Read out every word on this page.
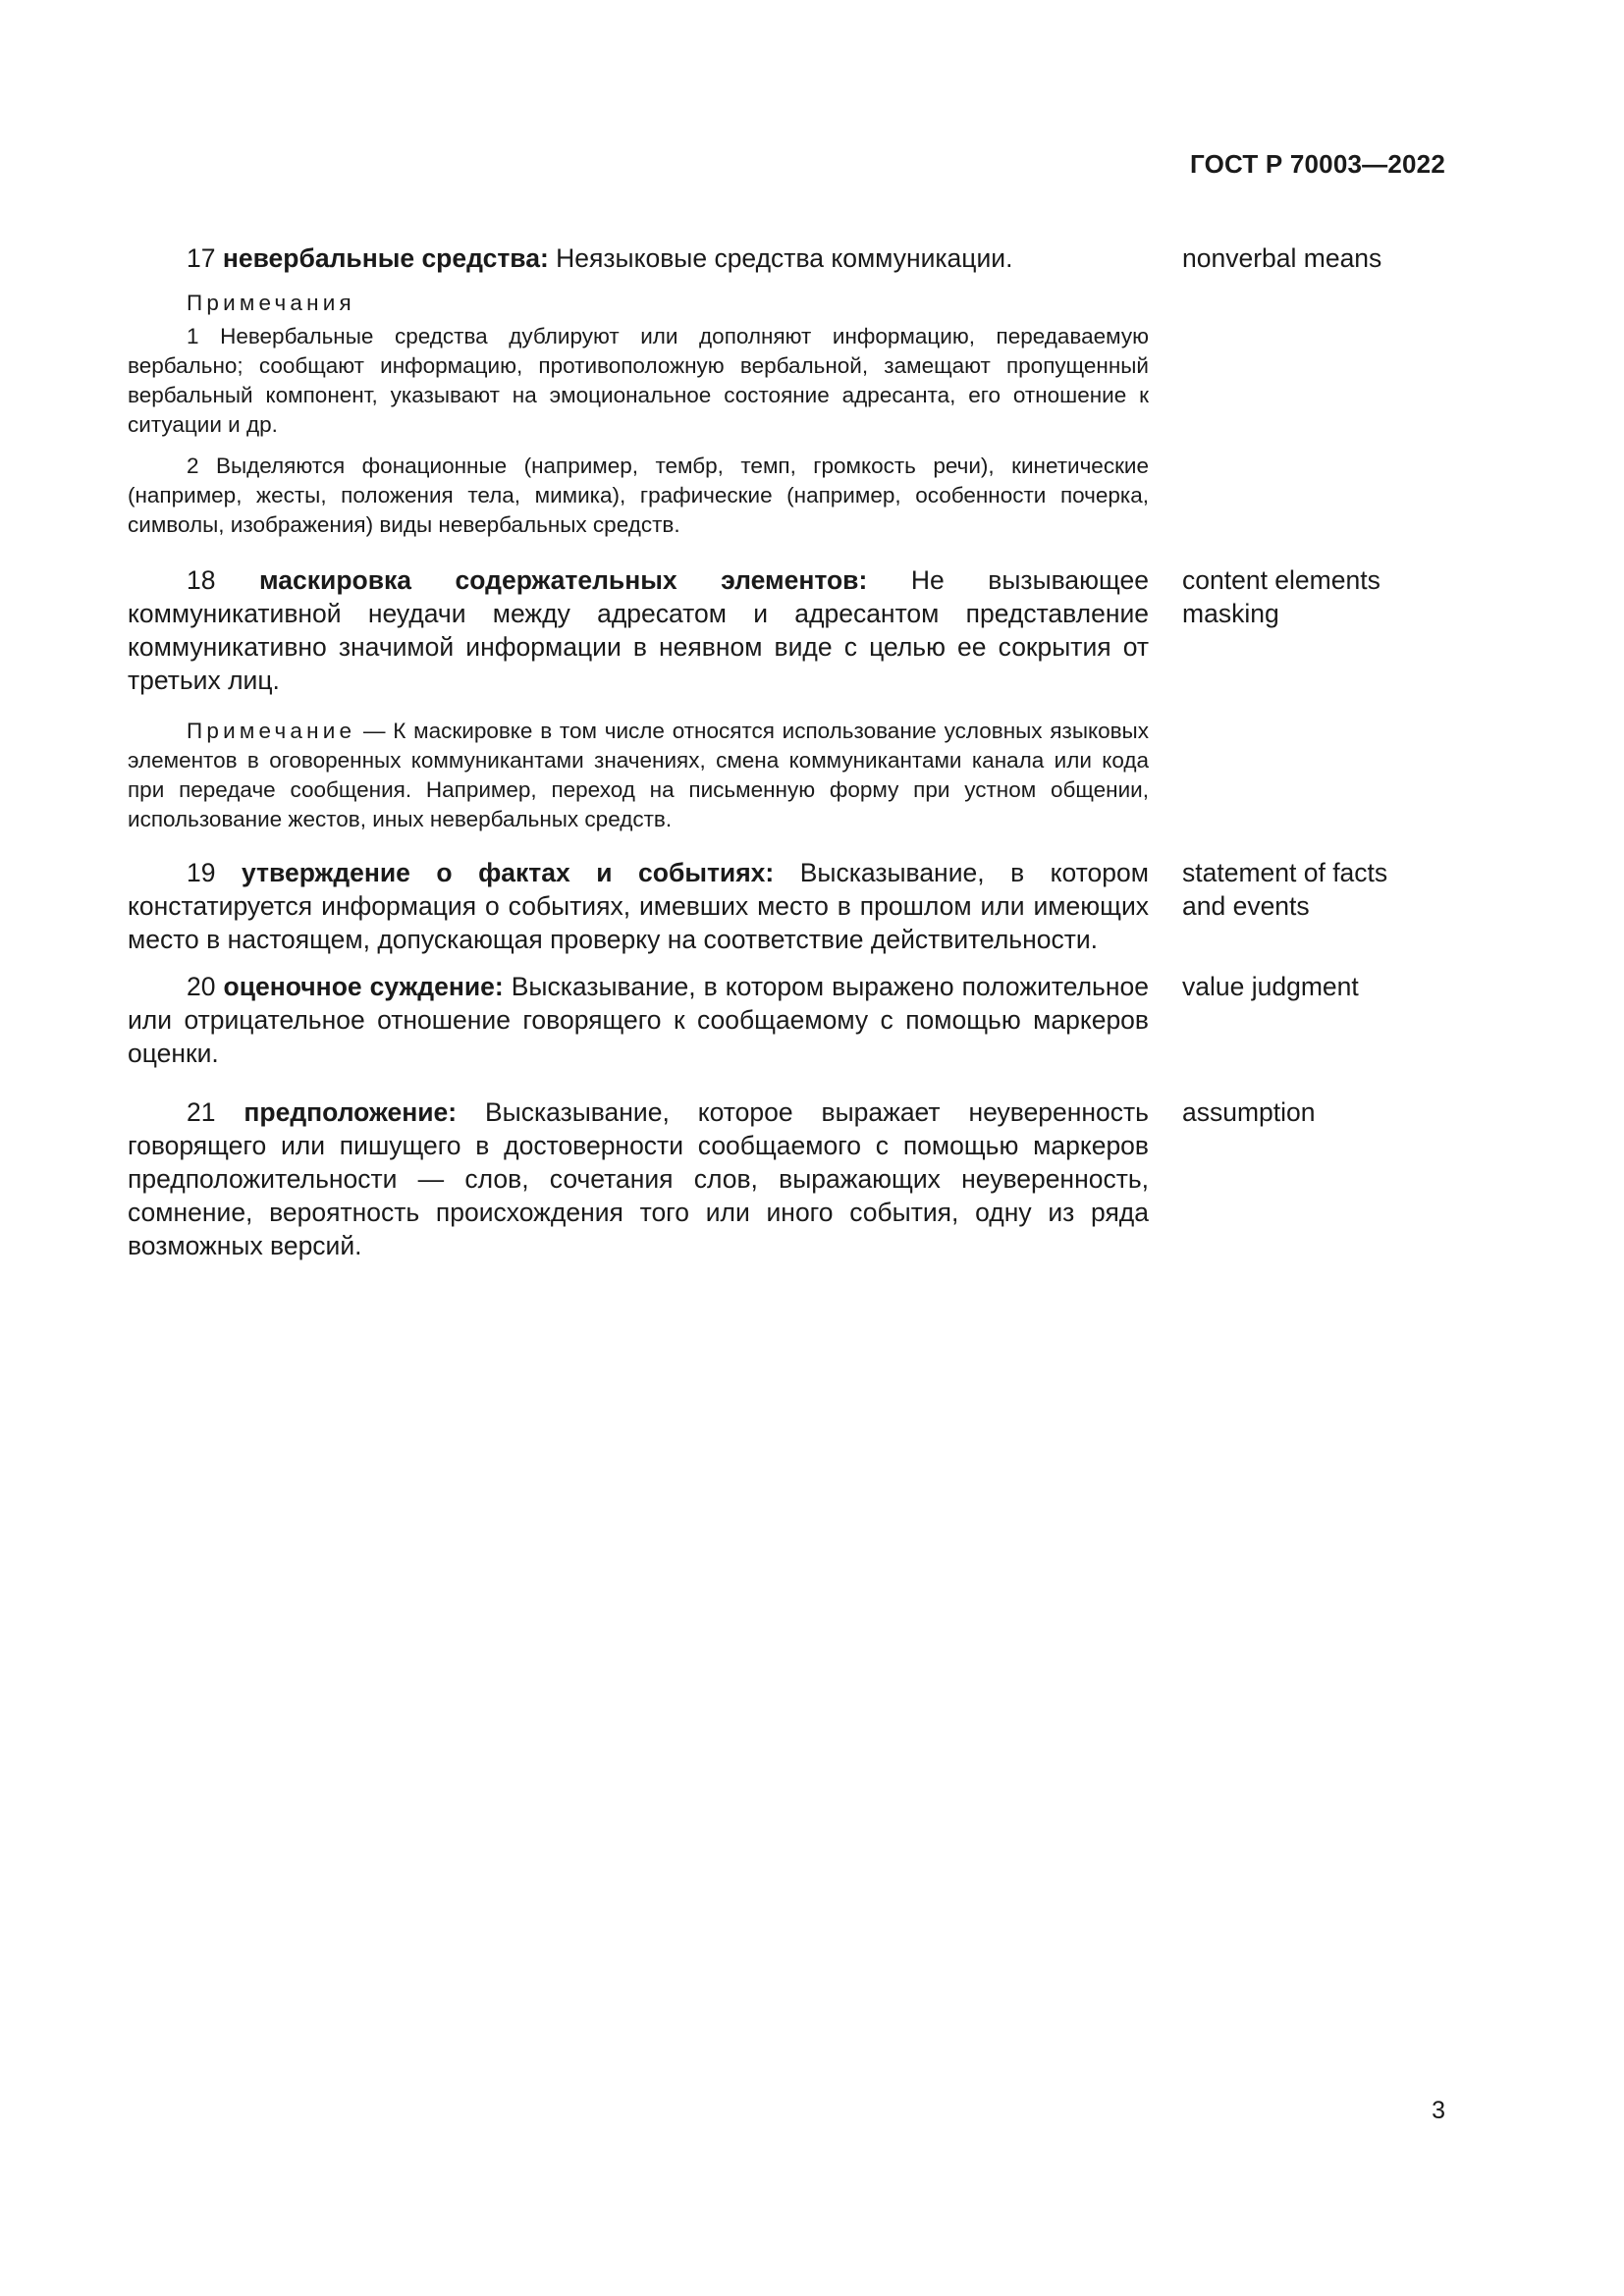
ГОСТ Р 70003—2022

17 невербальные средства: Неязыковые средства коммуникации.

Примечания

1 Невербальные средства дублируют или дополняют информацию, передаваемую вербально; сообщают информацию, противоположную вербальной, замещают пропущенный вербальный компонент, указывают на эмоциональное состояние адресанта, его отношение к ситуации и др.

2 Выделяются фонационные (например, тембр, темп, громкость речи), кинетические (например, жесты, положения тела, мимика), графические (например, особенности почерка, символы, изображения) виды невербальных средств.

nonverbal means

18 маскировка содержательных элементов: Не вызывающее коммуникативной неудачи между адресатом и адресантом представление коммуникативно значимой информации в неявном виде с целью ее сокрытия от третьих лиц.

Примечание — К маскировке в том числе относятся использование условных языковых элементов в оговоренных коммуникантами значениях, смена коммуникантами канала или кода при передаче сообщения. Например, переход на письменную форму при устном общении, использование жестов, иных невербальных средств.

content elements
masking

19 утверждение о фактах и событиях: Высказывание, в котором констатируется информация о событиях, имевших место в прошлом или имеющих место в настоящем, допускающая проверку на соответствие действительности.

statement of facts
and events

20 оценочное суждение: Высказывание, в котором выражено положительное или отрицательное отношение говорящего к сообщаемому с помощью маркеров оценки.

value judgment

21 предположение: Высказывание, которое выражает неуверенность говорящего или пишущего в достоверности сообщаемого с помощью маркеров предположительности — слов, сочетания слов, выражающих неуверенность, сомнение, вероятность происхождения того или иного события, одну из ряда возможных версий.

assumption
3
